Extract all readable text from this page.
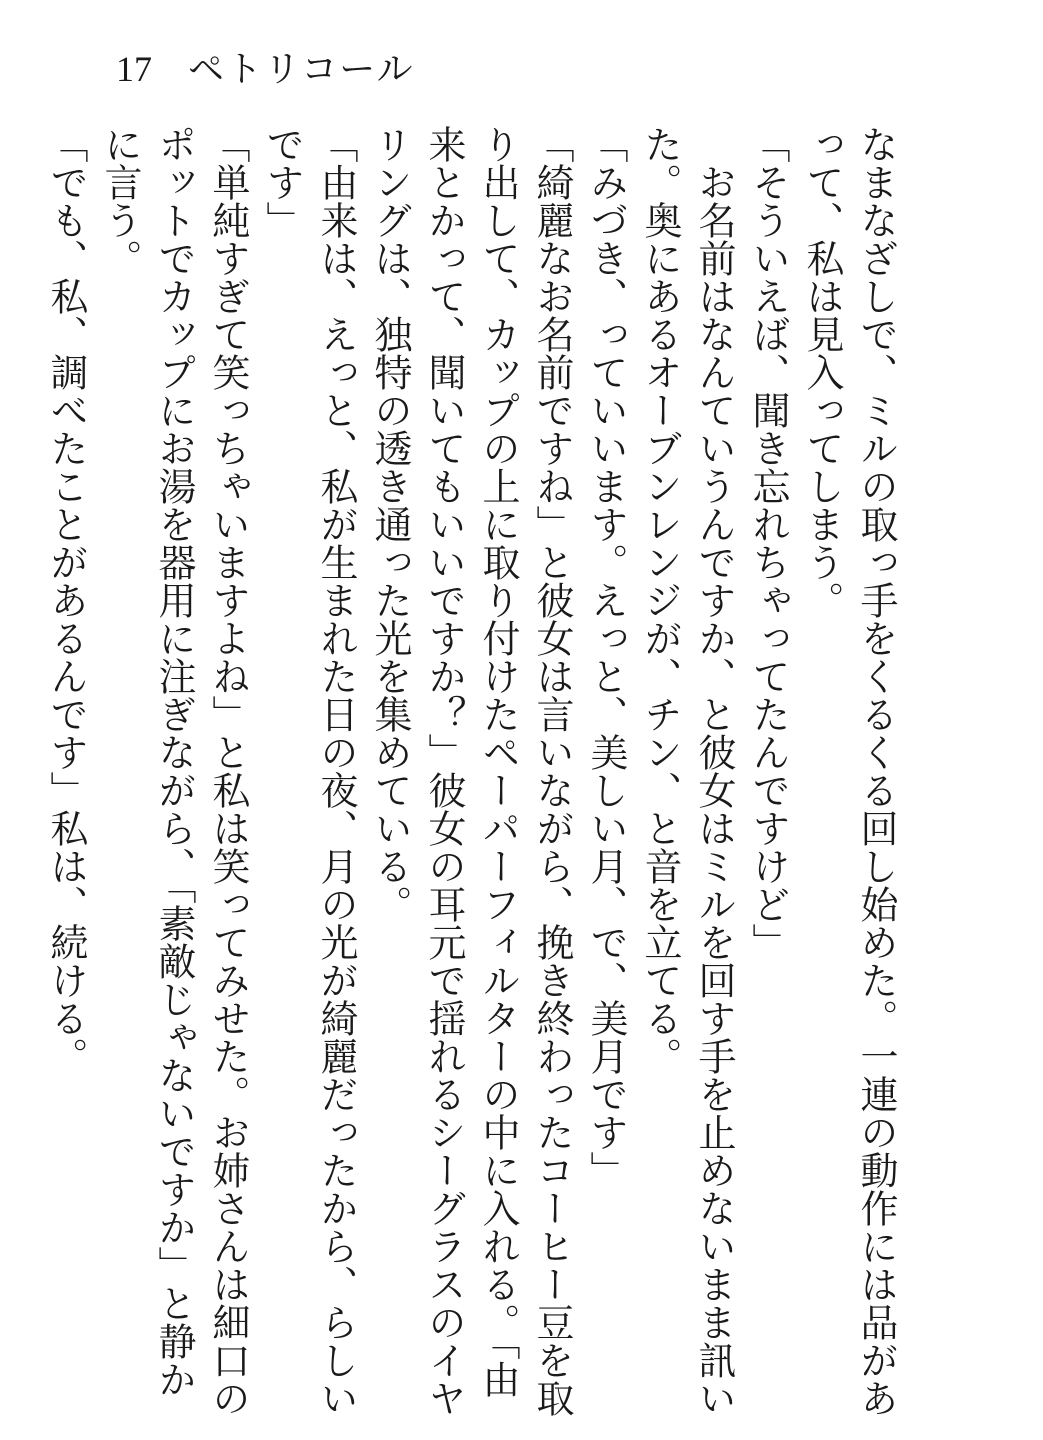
17 ペトリコール
なまなざしで、ミルの取っ手をくるくる回し始めた。一連の動作には品があ
って、私は見入ってしまう。
「そういえば、聞き忘れちゃってたんですけど」
　お名前はなんていうんですか、と彼女はミルを回す手を止めないまま訊い
た。奥にあるオーブンレンジが、チン、と音を立てる。
「みづき、っていいます。えっと、美しい月、で、美月です」
「綺麗なお名前ですね」と彼女は言いながら、挽き終わったコーヒー豆を取
り出して、カップの上に取り付けたペーパーフィルターの中に入れる。「由
来とかって、聞いてもいいですか？」彼女の耳元で揺れるシーグラスのイヤ
リングは、独特の透き通った光を集めている。
「由来は、えっと、私が生まれた日の夜、月の光が綺麗だったから、らしい
です」
「単純すぎて笑っちゃいますよね」と私は笑ってみせた。お姉さんは細口の
ポットでカップにお湯を器用に注ぎながら、「素敵じゃないですか」と静か
に言う。
「でも、私、調べたことがあるんです」私は、続ける。
